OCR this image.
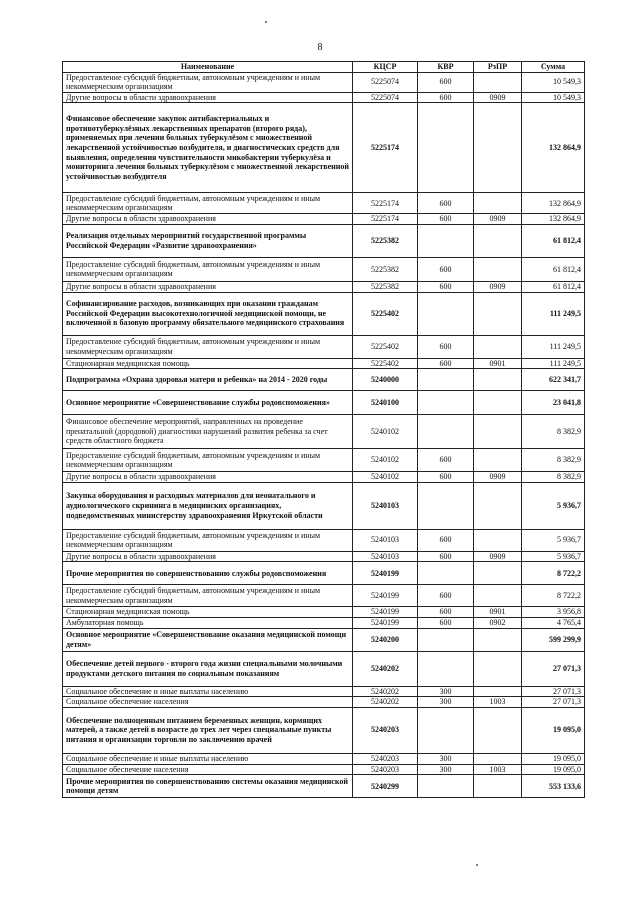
8
Наименование	КЦСР	КВР	РзПР	Сумма
Предоставление субсидий бюджетным, автономным учреждениям и иным некоммерческим организациям	5225074	600		10 549,3
Другие вопросы в области здравоохранения	5225074	600	0909	10 549,3
Финансовое обеспечение закупок антибактериальных и противотуберкулёзных лекарственных препаратов (второго ряда), применяемых при лечении больных туберкулёзом с множественной лекарственной устойчивостью возбудителя, и диагностических средств для выявления, определения чувствительности микобактерии туберкулёза и мониторинга лечения больных туберкулёзом с множественной лекарственной устойчивостью возбудителя	5225174			132 864,9
Предоставление субсидий бюджетным, автономным учреждениям и иным некоммерческим организациям	5225174	600		132 864,9
Другие вопросы в области здравоохранения	5225174	600	0909	132 864,9
Реализация отдельных мероприятий государственной программы Российской Федерации «Развитие здравоохранения»	5225382			61 812,4
Предоставление субсидий бюджетным, автономным учреждениям и иным некоммерческим организациям	5225382	600		61 812,4
Другие вопросы в области здравоохранения	5225382	600	0909	61 812,4
Софинансирование расходов, возникающих при оказании гражданам Российской Федерации высокотехнологичной медицинской помощи, не включенной в базовую программу обязательного медицинского страхования	5225402			111 249,5
Предоставление субсидий бюджетным, автономным учреждениям и иным некоммерческим организациям	5225402	600		111 249,5
Стационарная медицинская помощь	5225402	600	0901	111 249,5
Подпрограмма «Охрана здоровья матери и ребенка» на 2014 - 2020 годы	5240000			622 341,7
Основное мероприятие «Совершенствование службы родовспоможения»	5240100			23 041,8
Финансовое обеспечение мероприятий, направленных на проведение пренатальной (дородовой) диагностики нарушений развития ребенка за счет средств областного бюджета	5240102			8 382,9
Предоставление субсидий бюджетным, автономным учреждениям и иным некоммерческим организациям	5240102	600		8 382,9
Другие вопросы в области здравоохранения	5240102	600	0909	8 382,9
Закупка оборудования и расходных материалов для неонатального и аудиологического скрининга в медицинских организациях, подведомственных министерству здравоохранения Иркутской области	5240103			5 936,7
Предоставление субсидий бюджетным, автономным учреждениям и иным некоммерческим организациям	5240103	600		5 936,7
Другие вопросы в области здравоохранения	5240103	600	0909	5 936,7
Прочие мероприятия по совершенствованию службы родовспоможения	5240199			8 722,2
Предоставление субсидий бюджетным, автономным учреждениям и иным некоммерческим организациям	5240199	600		8 722,2
Стационарная медицинская помощь	5240199	600	0901	3 956,8
Амбулаторная помощь	5240199	600	0902	4 765,4
Основное мероприятие «Совершенствование оказания медицинской помощи детям»	5240200			599 299,9
Обеспечение детей первого - второго года жизни специальными молочными продуктами детского питания по социальным показаниям	5240202			27 071,3
Социальное обеспечение и иные выплаты населению	5240202	300		27 071,3
Социальное обеспечение населения	5240202	300	1003	27 071,3
Обеспечение полноценным питанием беременных женщин, кормящих матерей, а также детей в возрасте до трех лет через специальные пункты питания и организации торговли по заключению врачей	5240203			19 095,0
Социальное обеспечение и иные выплаты населению	5240203	300		19 095,0
Социальное обеспечение населения	5240203	300	1003	19 095,0
Прочие мероприятия по совершенствованию системы оказания медицинской помощи детям	5240299			553 133,6
